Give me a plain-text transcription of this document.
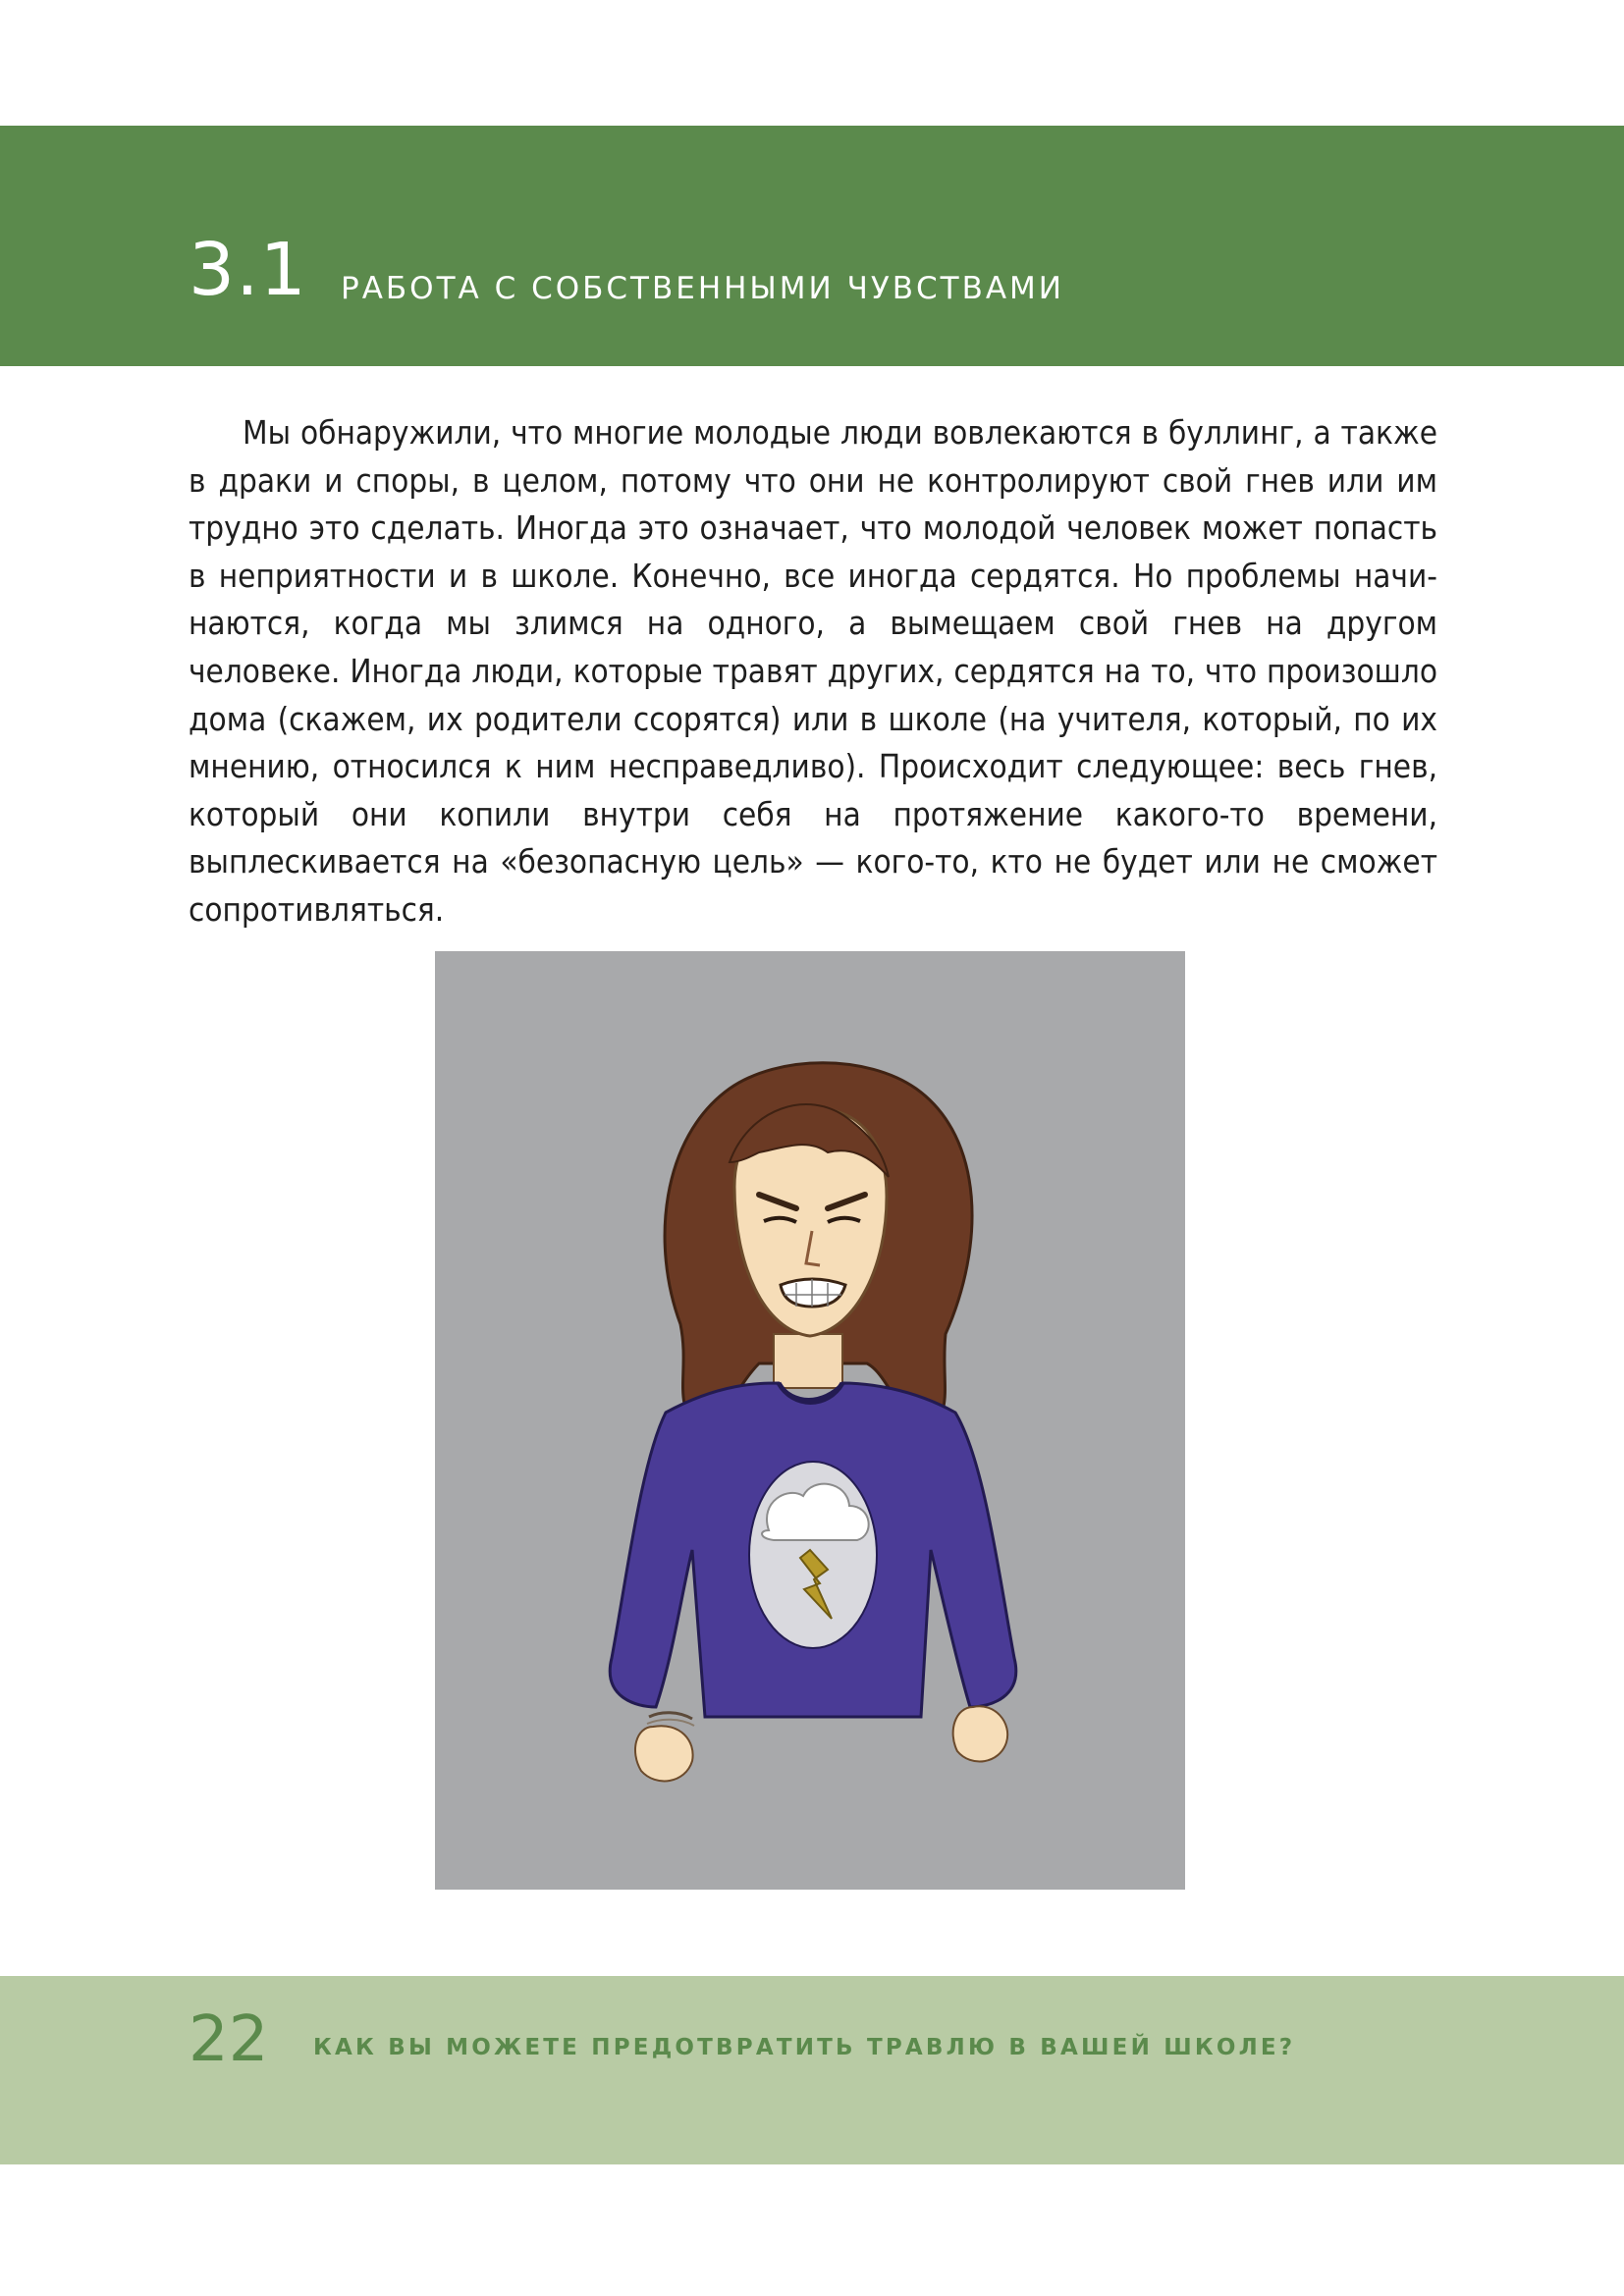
3.1 РАБОТА С СОБСТВЕННЫМИ ЧУВСТВАМИ

Мы обнаружили, что многие молодые люди вовлекаются в буллинг, а также в драки и споры, в целом, потому что они не контролируют свой гнев или им трудно это сделать. Иногда это означает, что молодой человек может попасть в неприятности и в школе. Конечно, все иногда сердятся. Но проблемы начинаются, когда мы злимся на одного, а вымещаем свой гнев на другом человеке. Иногда люди, которые травят других, сердятся на то, что произошло дома (скажем, их родители ссорятся) или в школе (на учителя, который, по их мнению, относился к ним несправедливо). Происходит следующее: весь гнев, который они копили внутри себя на протяжение какого-то времени, выплескивается на «безопасную цель» — кого-то, кто не будет или не сможет сопротивляться.

22 КАК ВЫ МОЖЕТЕ ПРЕДОТВРАТИТЬ ТРАВЛЮ В ВАШЕЙ ШКОЛЕ?
